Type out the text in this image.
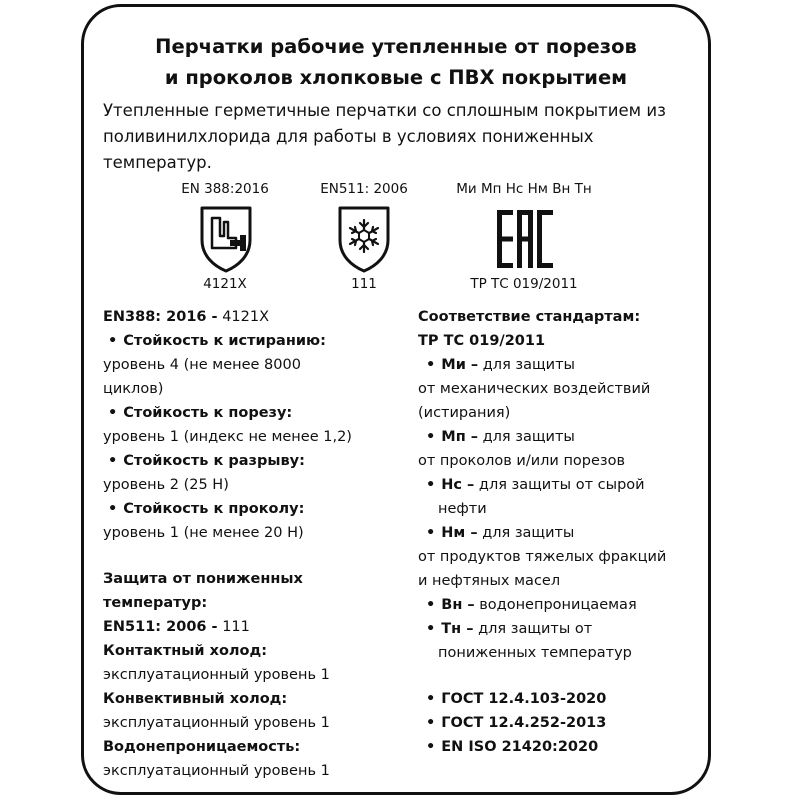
Перчатки рабочие утепленные от порезов
и проколов хлопковые с ПВХ покрытием

Утепленные герметичные перчатки со сплошным покрытием из
поливинилхлорида для работы в условиях пониженных
температур.

EN 388:2016

4121X

EN511: 2006

111

Ми Мп Нс Нм Вн Тн

ТР ТС 019/2011

EN388: 2016 - 4121X
• Стойкость к истиранию:
уровень 4 (не менее 8000
циклов)
• Стойкость к порезу:
уровень 1 (индекс не менее 1,2)
• Стойкость к разрыву:
уровень 2 (25 Н)
• Стойкость к проколу:
уровень 1 (не менее 20 Н)
Защита от пониженных
температур:
EN511: 2006 - 111
Контактный холод:
эксплуатационный уровень 1
Конвективный холод:
эксплуатационный уровень 1
Водонепроницаемость:
эксплуатационный уровень 1
Соответствие стандартам:
ТР ТС 019/2011
• Ми – для защиты
от механических воздействий
(истирания)
• Мп – для защиты
от проколов и/или порезов
• Нс – для защиты от сырой
нефти
• Нм – для защиты
от продуктов тяжелых фракций
и нефтяных масел
• Вн – водонепроницаемая
• Тн – для защиты от
пониженных температур
• ГОСТ 12.4.103-2020
• ГОСТ 12.4.252-2013
• EN ISO 21420:2020
